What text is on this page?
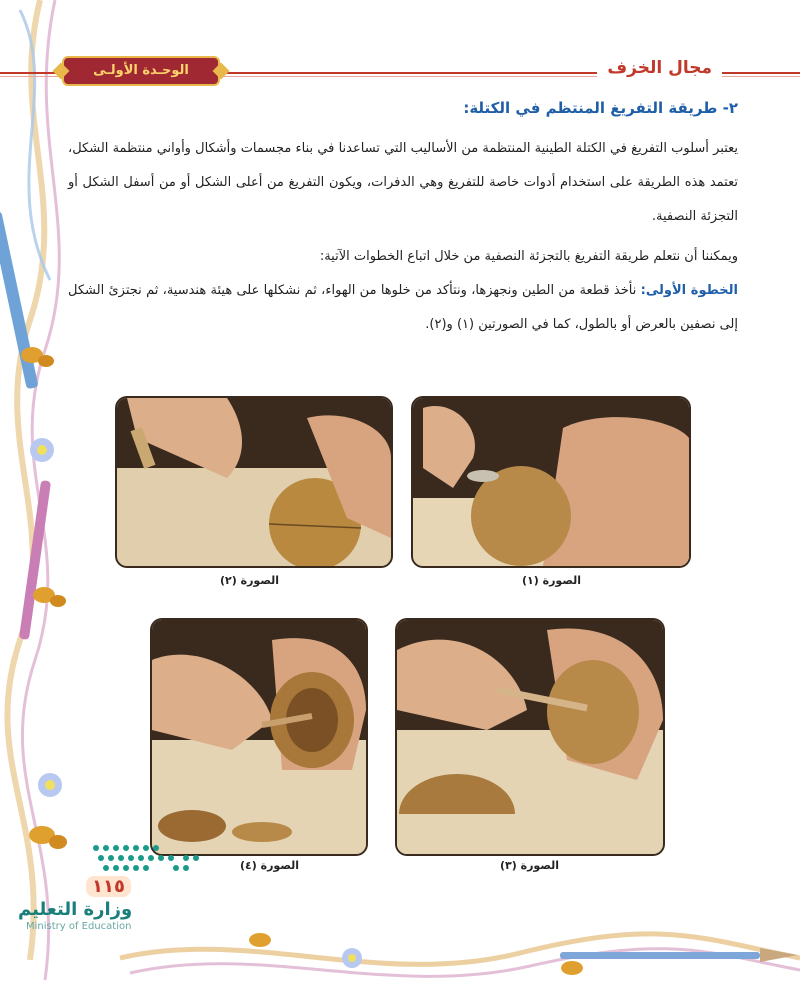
مجال الخزف
الوحـدة الأولـى
٢- طريقة التفريغ المنتظم في الكتلة:

يعتبر أسلوب التفريغ في الكتلة الطينية المنتظمة من الأساليب التي تساعدنا في بناء مجسمات وأشكال وأواني منتظمة الشكل، تعتمد هذه الطريقة على استخدام أدوات خاصة للتفريغ وهي الدفرات، ويكون التفريغ من أعلى الشكل أو من أسفل الشكل أو التجزئة النصفية.

ويمكننا أن نتعلم طريقة التفريغ بالتجزئة النصفية من خلال اتباع الخطوات الآتية:

الخطوة الأولى: نأخذ قطعة من الطين ونجهزها، ونتأكد من خلوها من الهواء، ثم نشكلها على هيئة هندسية، ثم نجتزئ الشكل إلى نصفين بالعرض أو بالطول، كما في الصورتين (١) و(٢).

الصورة (١)
الصورة (٢)
الصورة (٣)
الصورة (٤)
١١٥
وزارة التعليم
Ministry of Education
